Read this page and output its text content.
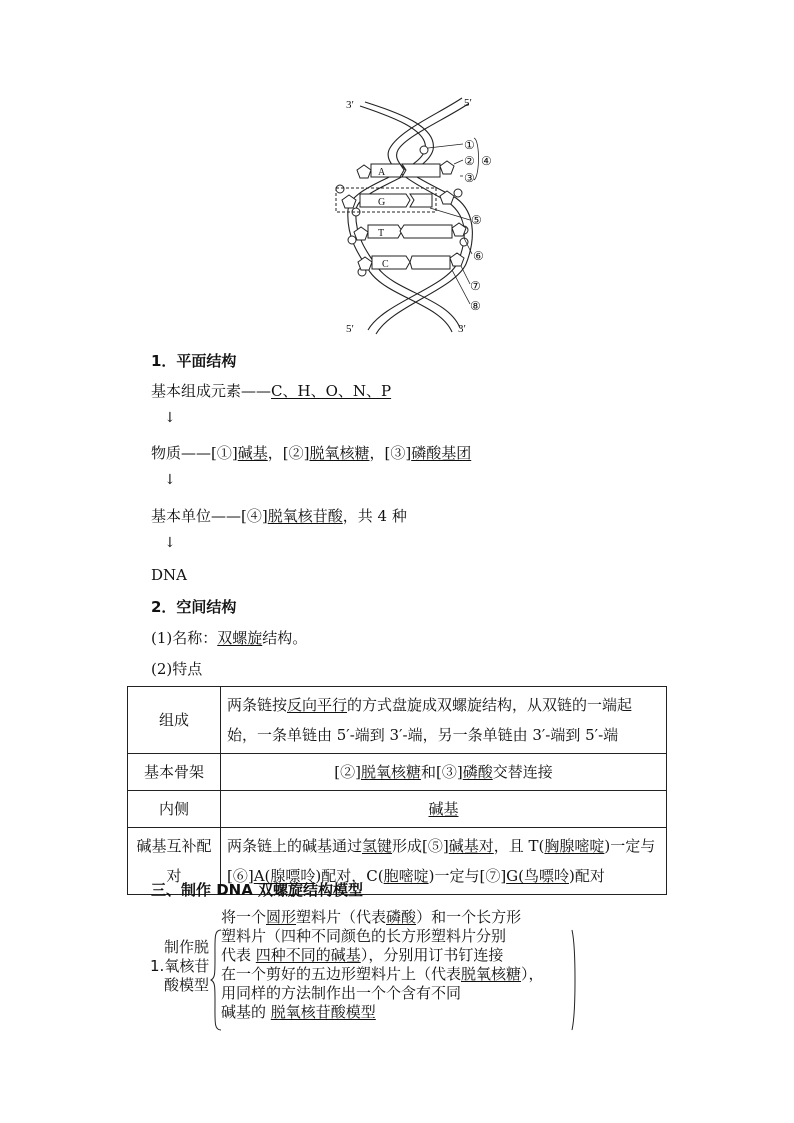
3′	5′
5′	3′
A
G
T
C
①
②
③
④
⑤
⑥
⑦
⑧
1．平面结构
基本组成元素——C、H、O、N、P
↓
物质——[①]碱基，[②]脱氧核糖，[③]磷酸基团
↓
基本单位——[④]脱氧核苷酸，共 4 种
↓
DNA
2．空间结构
(1)名称：双螺旋结构。
(2)特点
组成	两条链按反向平行的方式盘旋成双螺旋结构，从双链的一端起始，一条单链由 5′-端到 3′-端，另一条单链由 3′-端到 5′-端
基本骨架	[②]脱氧核糖和[③]磷酸交替连接
内侧	碱基
碱基互补配对	两条链上的碱基通过氢键形成[⑤]碱基对，且 T(胸腺嘧啶)一定与[⑥]A(腺嘌呤)配对，C(胞嘧啶)一定与[⑦]G(鸟嘌呤)配对
三、制作 DNA 双螺旋结构模型
制作脱
1.氧核苷
酸模型
将一个圆形塑料片（代表磷酸）和一个长方形
塑料片（四种不同颜色的长方形塑料片分别
代表 四种不同的碱基），分别用订书钉连接
在一个剪好的五边形塑料片上（代表脱氧核糖），
用同样的方法制作出一个个含有不同
碱基的 脱氧核苷酸模型
